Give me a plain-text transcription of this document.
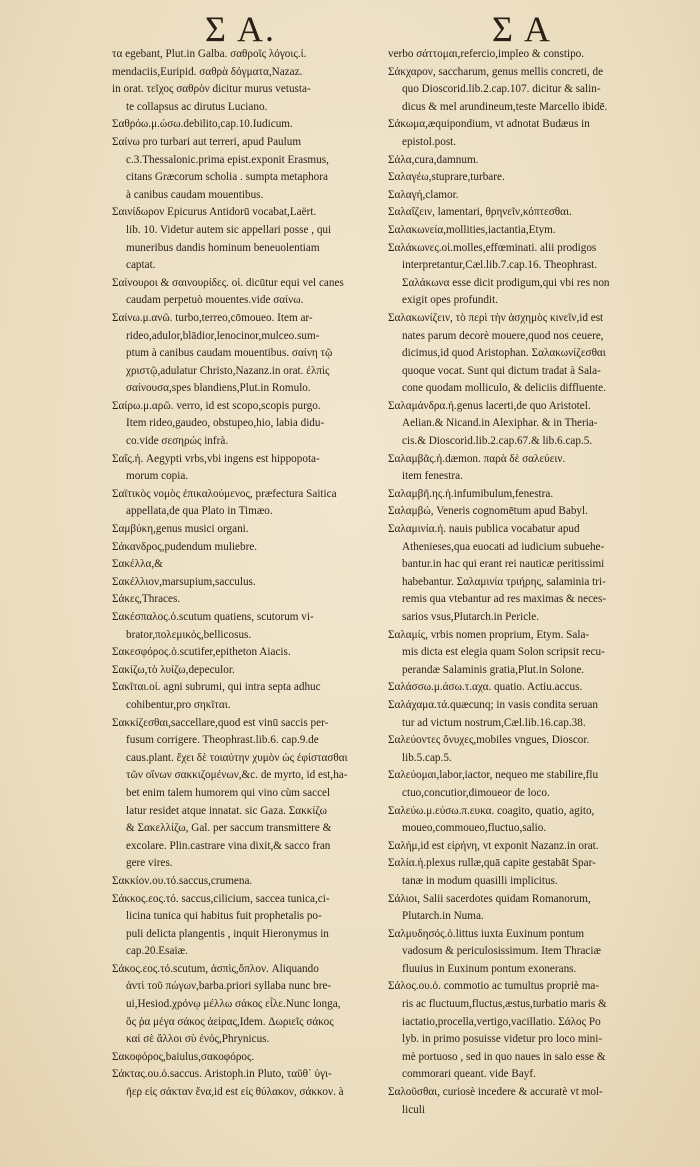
Σ Α.	Σ Α
τα egebant, Plut.in Galba. σαθροῖς λόγοις.ἰ.
mendaciis,Euripid. σαθρὰ δόγματα,Nazaz.
in orat. τεῖχος σαθρὸν dicitur murus vetusta-
te collapsus ac dirutus Luciano.
Σαθρόω.μ.ώσω.debilito,cap.10.Iudicum.
Σαίνω pro turbari aut terreri, apud Paulum
c.3.Thessalonic.prima epist.exponit Erasmus,
citans Græcorum scholia . sumpta metaphora
à canibus caudam mouentibus.
Σαινίδωρον Epicurus Antidorū vocabat,Laërt.
lib. 10. Videtur autem sic appellari posse , qui
muneribus dandis hominum beneuolentiam
captat.
Σαίνουροι & σαινουρίδες. οἱ. dicūtur equi vel canes
caudam perpetuò mouentes.vide σαίνω.
Σαίνω.μ.ανῶ. turbo,terreo,cōmoueo. Item ar-
rideo,adulor,blādior,lenocinor,mulceo.sum-
ptum à canibus caudam mouentibus. σαίνη τῷ
χριστῷ,adulatur Christo,Nazanz.in orat. ἐλπὶς
σαίνουσα,spes blandiens,Plut.in Romulo.
Σαίρω.μ.αρῶ. verro, id est scopo,scopis purgo.
Item rideo,gaudeo, obstupeo,hio, labia didu-
co.vide σεσηρώς infrà.
Σαΐς.ἡ. Aegypti vrbs,vbi ingens est hippopota-
morum copia.
Σαϊτικὸς νομὸς ἐπικαλούμενος, præfectura Saitica
appellata,de qua Plato in Timæo.
Σαμβύκη,genus musici organi.
Σάκανδρος,pudendum muliebre.
Σακέλλα,&
Σακέλλιον,marsupium,sacculus.
Σάκες,Thraces.
Σακέσπαλος.ὁ.scutum quatiens, scutorum vi-
brator,πολεμικός,bellicosus.
Σακεσφόρος.ὁ.scutifer,epitheton Aiacis.
Σακίζω,τὸ λυίζω,depeculor.
Σακῖται.οἱ. agni subrumi, qui intra septa adhuc
cohibentur,pro σηκῖται.
Σακκίζεσθαι,saccellare,quod est vinū saccis per-
fusum corrigere. Theophrast.lib.6. cap.9.de
caus.plant. ἔχει δὲ τοιαύτην χυμὸν ὡς ἐφίστασθαι
τῶν οἴνων σακκιζομένων,&c. de myrto, id est,ha-
bet enim talem humorem qui vino cùm saccel
latur residet atque innatat. sic Gaza. Σακκίζω
& Σακελλίζω, Gal. per saccum transmittere &
excolare. Plin.castrare vina dixit,& sacco fran
gere vires.
Σακκίον.ου.τό.saccus,crumena.
Σάκκος.εος.τό. saccus,cilicium, saccea tunica,ci-
licina tunica qui habitus fuit prophetalis po-
puli delicta plangentis , inquit Hieronymus in
cap.20.Esaiæ.
Σάκος.εος.τό.scutum, ἀσπὶς,ὅπλον. Aliquando
ἀντὶ τοῦ πώγων,barba.priori syllaba nunc bre-
ui,Hesiod.χρόνῳ μέλλω σάκος εἶλε.Nunc longa,
ὅς ῥα μέγα σάκος ἀείρας,Idem. Δωριεῖς σάκος
καί σὲ ἄλλοι σὺ ἐνός,Phrynicus.
Σακοφόρος,baiulus,σακοφόρος.
Σάκτας.ου.ὁ.saccus. Aristoph.in Pluto, ταῦθ᾽ ὑγι-
ῆερ εἰς σάκταν ἔνα,id est εἰς θύλακον, σάκκον. à
verbo σάττομαι,refercio,impleo & constipo.
Σάκχαρον, saccharum, genus mellis concreti, de
quo Dioscorid.lib.2.cap.107. dicitur & salin-
dicus & mel arundineum,teste Marcello ibidē.
Σάκωμα,æquipondium, vt adnotat Budæus in
epistol.post.
Σάλα,cura,damnum.
Σαλαγέω,stuprare,turbare.
Σαλαγή,clamor.
Σαλαΐζειν, lamentari, θρηνεῖν,κόπτεσθαι.
Σαλακωνεία,mollities,iactantia,Etym.
Σαλάκωνες.οἱ.molles,effœminati. alii prodigos
interpretantur,Cæl.lib.7.cap.16. Theophrast.
Σαλάκωνα esse dicit prodigum,qui vbi res non
exigit opes profundit.
Σαλακωνίζειν, τὸ περὶ τὴν ἀσχημὸς κινεῖν,id est
nates parum decorè mouere,quod nos ceuere,
dicimus,id quod Aristophan. Σαλακωνίζεσθαι
quoque vocat. Sunt qui dictum tradat à Sala-
cone quodam molliculo, & deliciis diffluente.
Σαλαμάνδρα.ἡ.genus lacerti,de quo Aristotel.
Aelian.& Nicand.in Alexiphar. & in Theria-
cis.& Dioscorid.lib.2.cap.67.& lib.6.cap.5.
Σαλαμβᾶς.ἡ.dæmon. παρὰ δὲ σαλεύειν.
item fenestra.
Σαλαμβῆ.ης.ἡ.infumibulum,fenestra.
Σαλαμβώ, Veneris cognomētum apud Babyl.
Σαλαμινία.ἡ. nauis publica vocabatur apud
Athenieses,qua euocati ad iudicium subuehe-
bantur.in hac qui erant rei nauticæ peritissimi
habebantur. Σαλαμινία τριήρης, salaminia tri-
remis qua vtebantur ad res maximas & neces-
sarios vsus,Plutarch.in Pericle.
Σαλαμίς, vrbis nomen proprium, Etym. Sala-
mis dicta est elegia quam Solon scripsit recu-
perandæ Salaminis gratia,Plut.in Solone.
Σαλάσσω.μ.άσω.τ.αχα. quatio. Actiu.accus.
Σαλάχαμα.τά.quæcunq; in vasis condita seruan
tur ad victum nostrum,Cæl.lib.16.cap.38.
Σαλεύοντες ὄνυχες,mobiles vngues, Dioscor.
lib.5.cap.5.
Σαλεύομαι,labor,iactor, nequeo me stabilire,flu
ctuo,concutior,dimoueor de loco.
Σαλεύω.μ.εύσω.π.ευκα. coagito, quatio, agito,
moueo,commoueo,fluctuo,salio.
Σαλήμ,id est εἰρήνη, vt exponit Nazanz.in orat.
Σαλία.ἡ.plexus rullæ,quā capite gestabāt Spar-
tanæ in modum quasilli implicitus.
Σάλιοι, Salii sacerdotes quidam Romanorum,
Plutarch.in Numa.
Σαλμυδησός.ὁ.littus iuxta Euxinum pontum
vadosum & periculosissimum. Item Thraciæ
fluuius in Euxinum pontum exonerans.
Σάλος.ου.ὁ. commotio ac tumultus propriè ma-
ris ac fluctuum,fluctus,æstus,turbatio maris &
iactatio,procella,vertigo,vacillatio. Σάλος Po
lyb. in primo posuisse videtur pro loco mini-
mè portuoso , sed in quo naues in salo esse &
commorari queant. vide Bayf.
Σαλοῦσθαι, curiosè incedere & accuratè vt mol-
liculi
